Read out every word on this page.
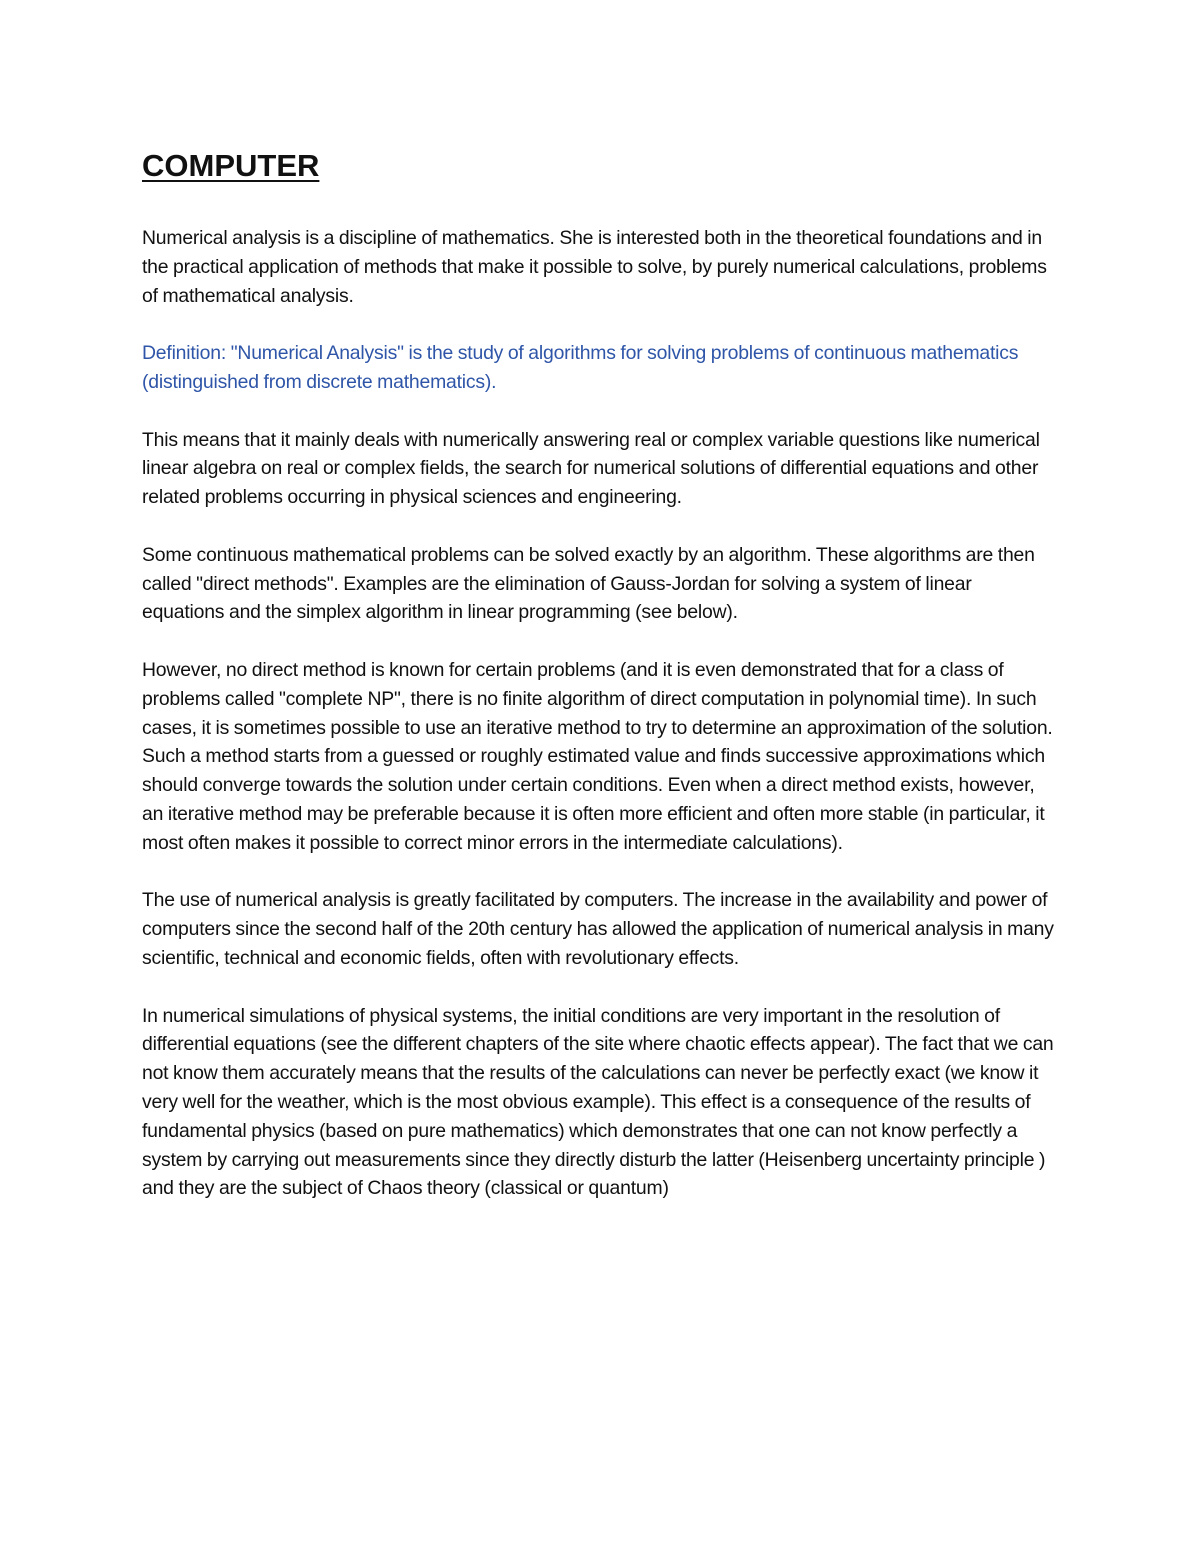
COMPUTER

Numerical analysis is a discipline of mathematics. She is interested both in the theoretical foundations and in the practical application of methods that make it possible to solve, by purely numerical calculations, problems of mathematical analysis.

Definition: "Numerical Analysis" is the study of algorithms for solving problems of continuous mathematics (distinguished from discrete mathematics).

This means that it mainly deals with numerically answering real or complex variable questions like numerical linear algebra on real or complex fields, the search for numerical solutions of differential equations and other related problems occurring in physical sciences and engineering.

Some continuous mathematical problems can be solved exactly by an algorithm. These algorithms are then called "direct methods". Examples are the elimination of Gauss-Jordan for solving a system of linear equations and the simplex algorithm in linear programming (see below).

However, no direct method is known for certain problems (and it is even demonstrated that for a class of problems called "complete NP", there is no finite algorithm of direct computation in polynomial time). In such cases, it is sometimes possible to use an iterative method to try to determine an approximation of the solution. Such a method starts from a guessed or roughly estimated value and finds successive approximations which should converge towards the solution under certain conditions. Even when a direct method exists, however, an iterative method may be preferable because it is often more efficient and often more stable (in particular, it most often makes it possible to correct minor errors in the intermediate calculations).

The use of numerical analysis is greatly facilitated by computers. The increase in the availability and power of computers since the second half of the 20th century has allowed the application of numerical analysis in many scientific, technical and economic fields, often with revolutionary effects.

In numerical simulations of physical systems, the initial conditions are very important in the resolution of differential equations (see the different chapters of the site where chaotic effects appear). The fact that we can not know them accurately means that the results of the calculations can never be perfectly exact (we know it very well for the weather, which is the most obvious example). This effect is a consequence of the results of fundamental physics (based on pure mathematics) which demonstrates that one can not know perfectly a system by carrying out measurements since they directly disturb the latter (Heisenberg uncertainty principle ) and they are the subject of Chaos theory (classical or quantum)
